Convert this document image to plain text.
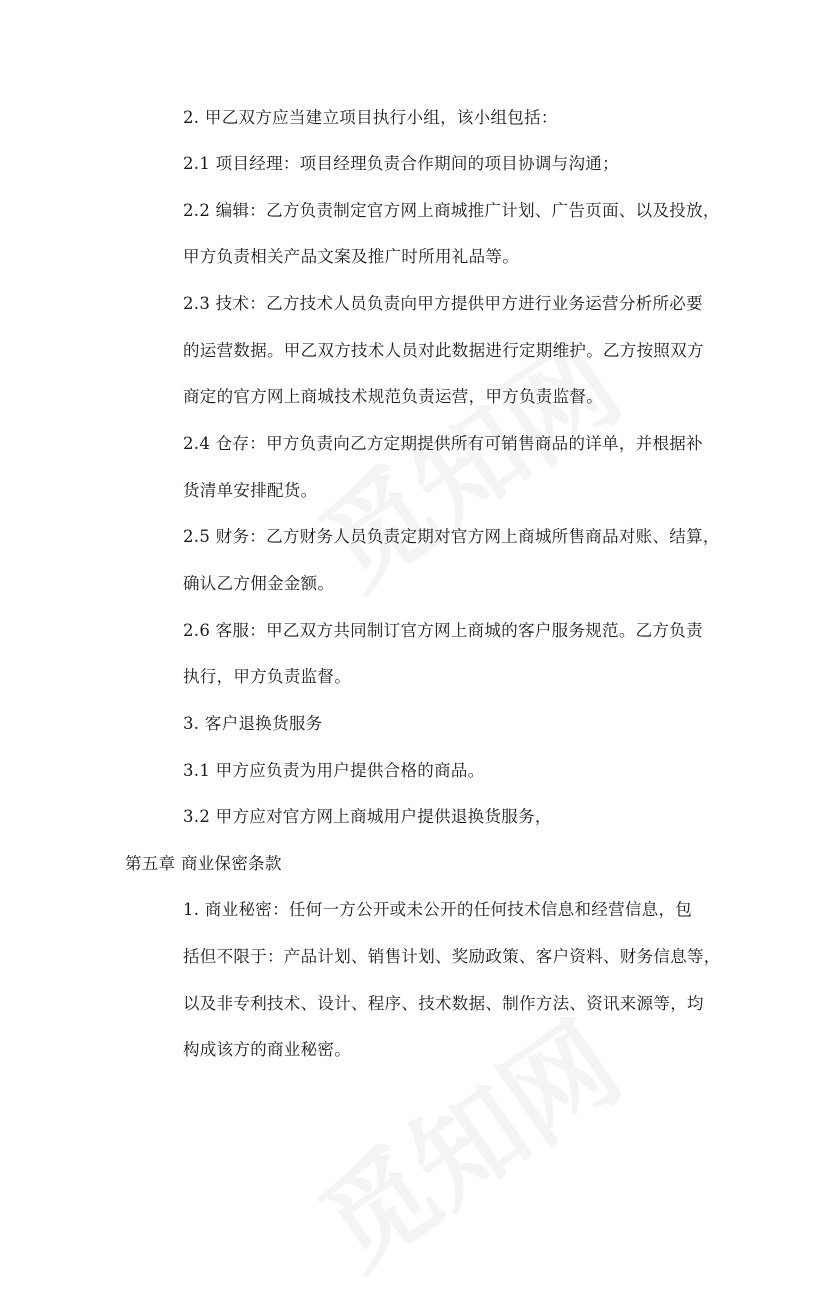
2. 甲乙双方应当建立项目执行小组，该小组包括：
2.1 项目经理：项目经理负责合作期间的项目协调与沟通；
2.2 编辑：乙方负责制定官方网上商城推广计划、广告页面、以及投放，
甲方负责相关产品文案及推广时所用礼品等。
2.3 技术：乙方技术人员负责向甲方提供甲方进行业务运营分析所必要
的运营数据。甲乙双方技术人员对此数据进行定期维护。乙方按照双方
商定的官方网上商城技术规范负责运营，甲方负责监督。
2.4 仓存：甲方负责向乙方定期提供所有可销售商品的详单，并根据补
货清单安排配货。
2.5 财务：乙方财务人员负责定期对官方网上商城所售商品对账、结算，
确认乙方佣金金额。
2.6 客服：甲乙双方共同制订官方网上商城的客户服务规范。乙方负责
执行，甲方负责监督。
3. 客户退换货服务
3.1 甲方应负责为用户提供合格的商品。
3.2 甲方应对官方网上商城用户提供退换货服务，
第五章 商业保密条款
1. 商业秘密：任何一方公开或未公开的任何技术信息和经营信息，包
括但不限于：产品计划、销售计划、奖励政策、客户资料、财务信息等，
以及非专利技术、设计、程序、技术数据、制作方法、资讯来源等，均
构成该方的商业秘密。
